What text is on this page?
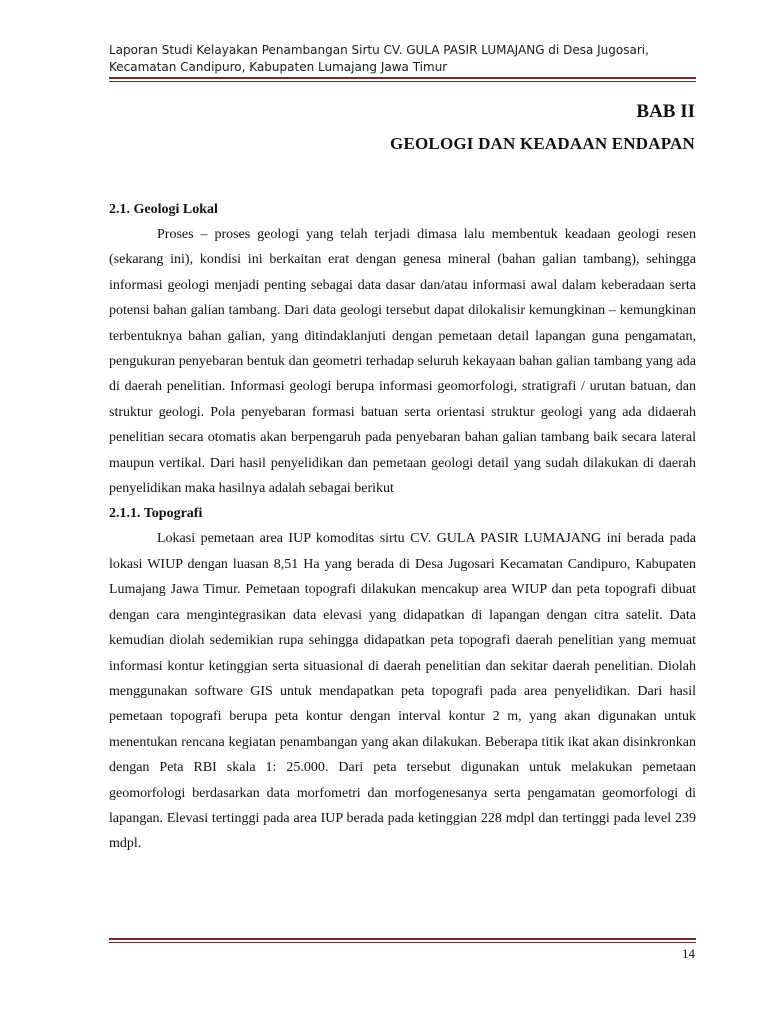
Laporan Studi Kelayakan Penambangan Sirtu CV. GULA PASIR LUMAJANG di Desa Jugosari,
Kecamatan Candipuro, Kabupaten Lumajang Jawa Timur
BAB II
GEOLOGI DAN KEADAAN ENDAPAN
2.1. Geologi Lokal

Proses – proses geologi yang telah terjadi dimasa lalu membentuk keadaan geologi resen (sekarang ini), kondisi ini berkaitan erat dengan genesa mineral (bahan galian tambang), sehingga informasi geologi menjadi penting sebagai data dasar dan/atau informasi awal dalam keberadaan serta potensi bahan galian tambang. Dari data geologi tersebut dapat dilokalisir kemungkinan – kemungkinan terbentuknya bahan galian, yang ditindaklanjuti dengan pemetaan detail lapangan guna pengamatan, pengukuran penyebaran bentuk dan geometri terhadap seluruh kekayaan bahan galian tambang yang ada di daerah penelitian. Informasi geologi berupa informasi geomorfologi, stratigrafi / urutan batuan, dan struktur geologi. Pola penyebaran formasi batuan serta orientasi struktur geologi yang ada didaerah penelitian secara otomatis akan berpengaruh pada penyebaran bahan galian tambang baik secara lateral maupun vertikal. Dari hasil penyelidikan dan pemetaan geologi detail yang sudah dilakukan di daerah penyelidikan maka hasilnya adalah sebagai berikut

2.1.1. Topografi

Lokasi pemetaan area IUP komoditas sirtu CV. GULA PASIR LUMAJANG ini berada pada lokasi WIUP dengan luasan 8,51 Ha yang berada di Desa Jugosari Kecamatan Candipuro, Kabupaten Lumajang Jawa Timur. Pemetaan topografi dilakukan mencakup area WIUP dan peta topografi dibuat dengan cara mengintegrasikan data elevasi yang didapatkan di lapangan dengan citra satelit. Data kemudian diolah sedemikian rupa sehingga didapatkan peta topografi daerah penelitian yang memuat informasi kontur ketinggian serta situasional di daerah penelitian dan sekitar daerah penelitian. Diolah menggunakan software GIS untuk mendapatkan peta topografi pada area penyelidikan. Dari hasil pemetaan topografi berupa peta kontur dengan interval kontur 2 m, yang akan digunakan untuk menentukan rencana kegiatan penambangan yang akan dilakukan. Beberapa titik ikat akan disinkronkan dengan Peta RBI skala 1: 25.000. Dari peta tersebut digunakan untuk melakukan pemetaan geomorfologi berdasarkan data morfometri dan morfogenesanya serta pengamatan geomorfologi di lapangan. Elevasi tertinggi pada area IUP berada pada ketinggian 228 mdpl dan tertinggi pada level 239 mdpl.

14
